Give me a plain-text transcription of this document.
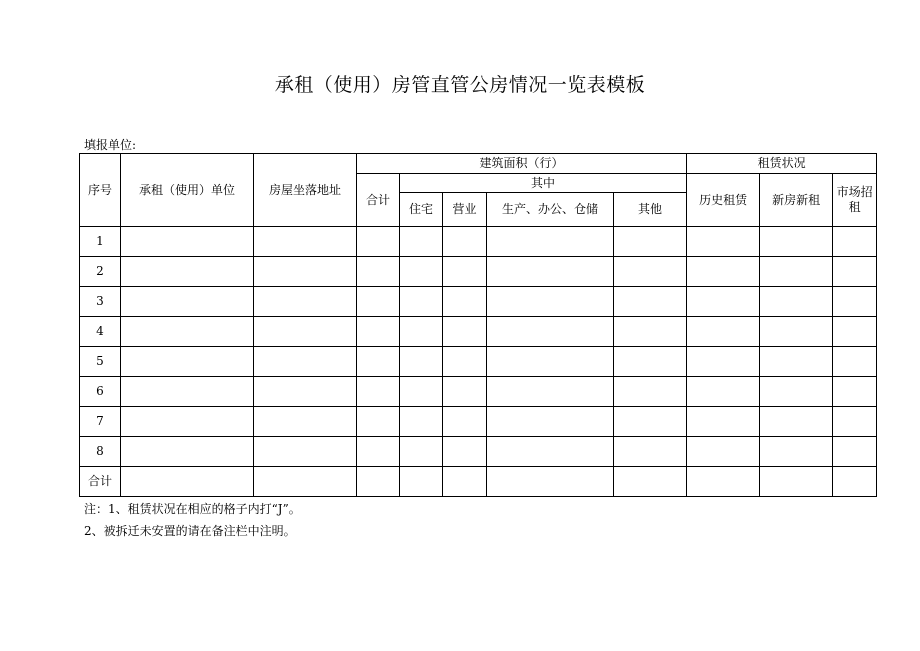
承租（使用）房管直管公房情况一览表模板
填报单位:
序号	承租（使用）单位	房屋坐落地址	建筑面积（行）					租赁状况	
			合计	其中				历史租赁	新房新租	市场招租	
				住宅	营业	生产、办公、仓储	其他				
1											
2											
3											
4											
5											
6											
7											
8											
合计											
注：1、租赁状况在相应的格子内打“J”。
2、被拆迁未安置的请在备注栏中注明。
